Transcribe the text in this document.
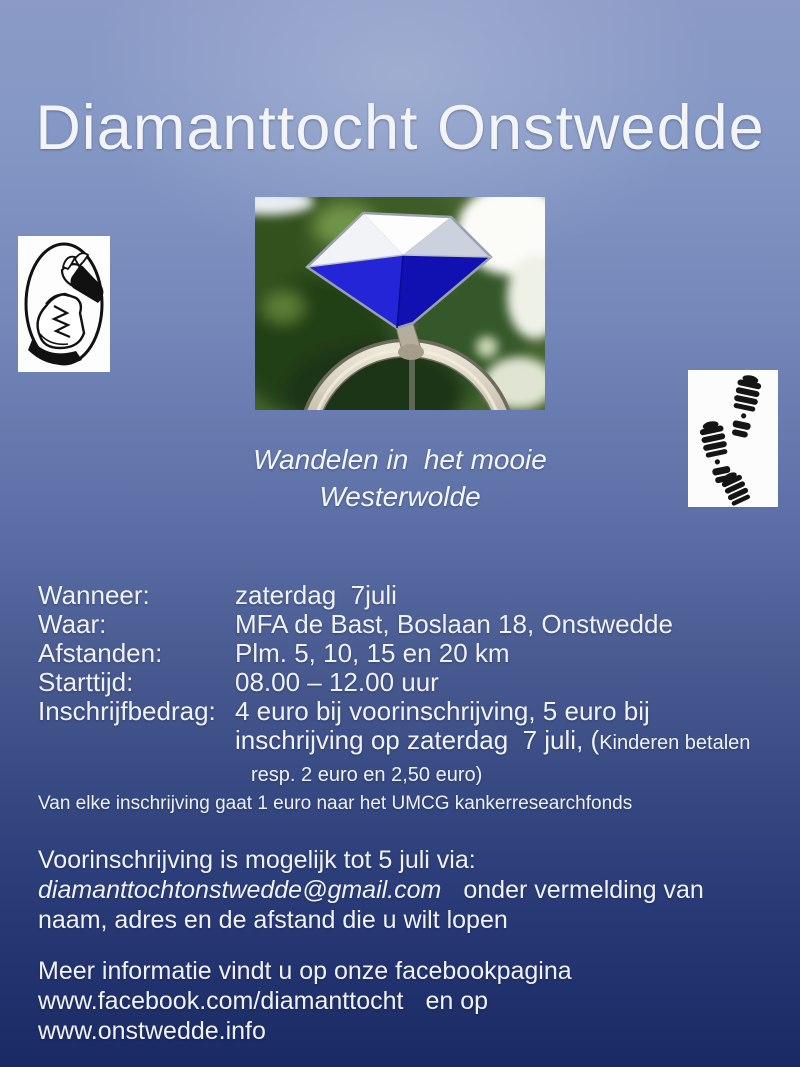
Diamanttocht Onstwedde
Wandelen in  het mooie
Westerwolde
Wanneer:	zaterdag  7juli
Waar:	MFA de Bast, Boslaan 18, Onstwedde
Afstanden:	Plm. 5, 10, 15 en 20 km
Starttijd:	08.00 – 12.00 uur
Inschrijfbedrag: 4 euro bij voorinschrijving, 5 euro bij
inschrijving op zaterdag  7 juli, (Kinderen betalen
resp. 2 euro en 2,50 euro)

Van elke inschrijving gaat 1 euro naar het UMCG kankerresearchfonds

Voorinschrijving is mogelijk tot 5 juli via:
diamanttochtonstwedde@gmail.com onder vermelding van
naam, adres en de afstand die u wilt lopen
Meer informatie vindt u op onze facebookpagina
www.facebook.com/diamanttocht en op
www.onstwedde.info
